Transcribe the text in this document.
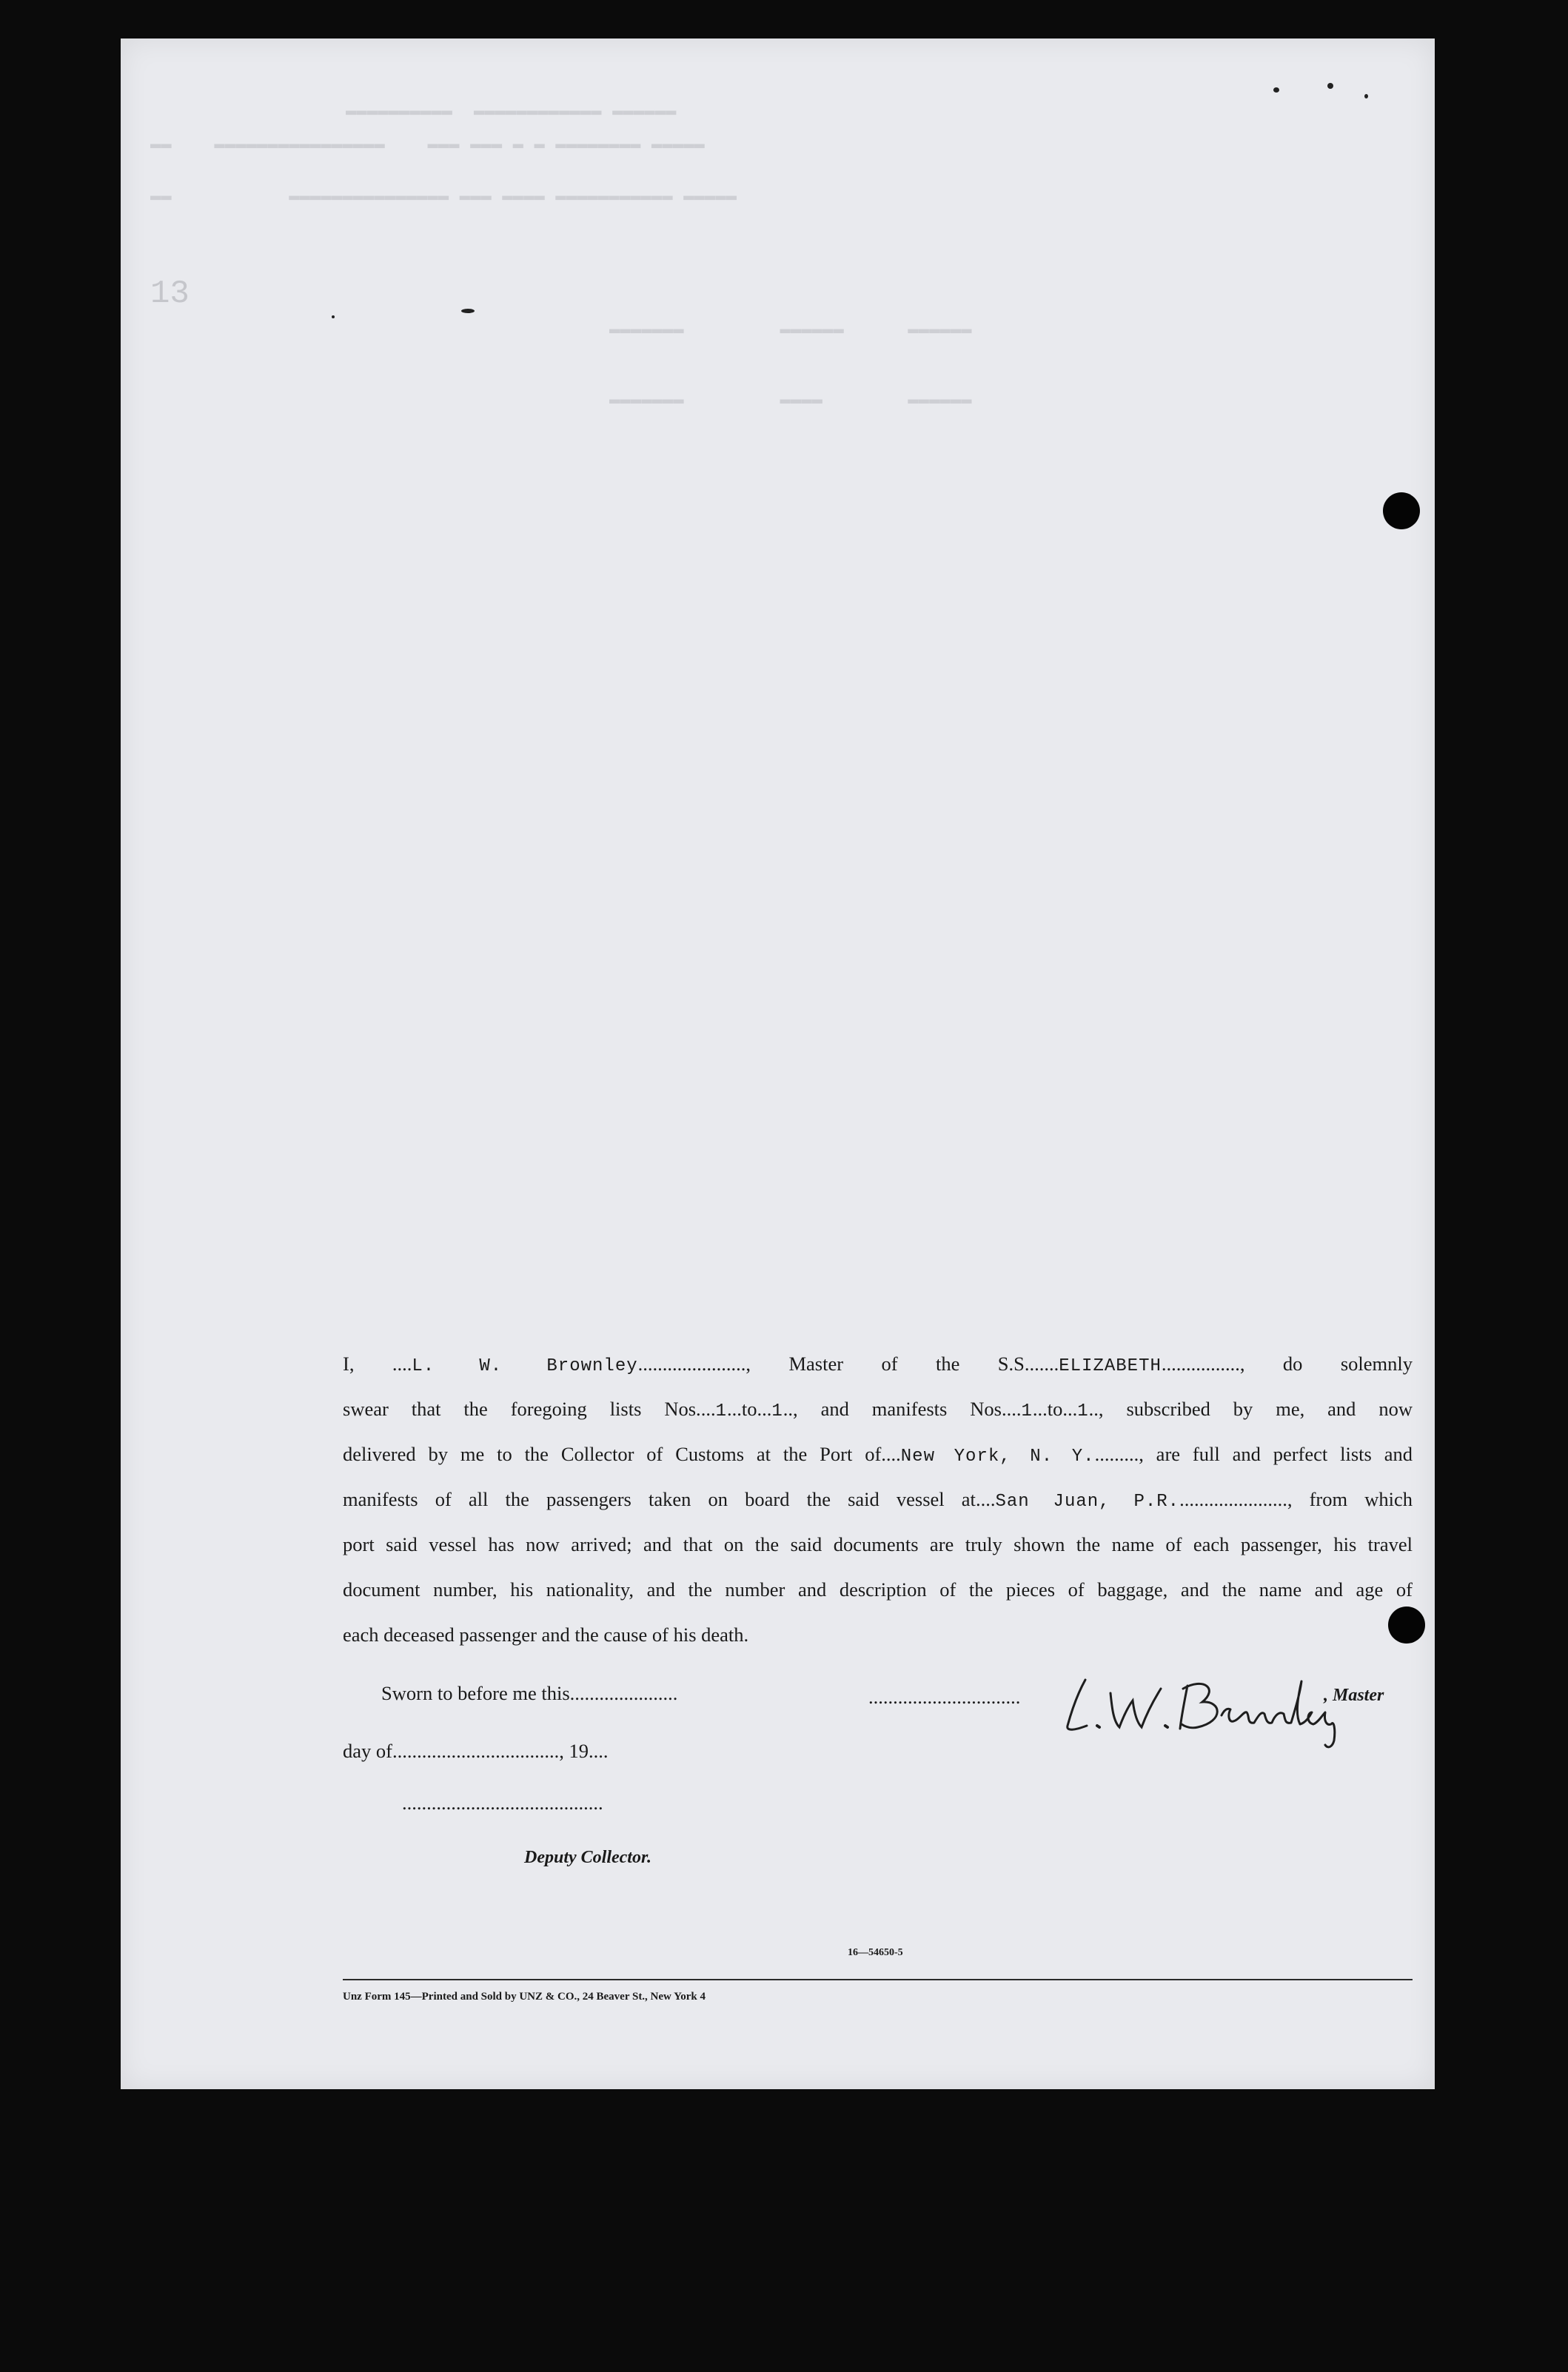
▬▬▬▬▬▬▬▬▬▬  ▬▬▬▬▬▬▬▬▬▬▬▬ ▬▬▬▬▬▬
▬▬    ▬▬▬▬▬▬▬▬▬▬▬▬▬▬▬▬    ▬▬▬ ▬▬▬ ▬ ▬ ▬▬▬▬▬▬▬▬ ▬▬▬▬▬
▬▬           ▬▬▬▬▬▬▬▬▬▬▬▬▬▬▬ ▬▬▬ ▬▬▬▬ ▬▬▬▬▬▬▬▬▬▬▬ ▬▬▬▬▬
13
▬▬▬▬▬▬▬         ▬▬▬▬▬▬      ▬▬▬▬▬▬
▬▬▬▬▬▬▬         ▬▬▬▬        ▬▬▬▬▬▬
I, ....L. W. Brownley......................, Master of the S.S.......ELIZABETH................, do solemnly
swear that the foregoing lists Nos....1...to...1.., and manifests Nos....1...to...1.., subscribed by me, and now
delivered by me to the Collector of Customs at the Port of....New York, N. Y.........., are full and perfect lists and
manifests of all the passengers taken on board the said vessel at....San Juan, P.R......................., from which
port said vessel has now arrived; and that on the said documents are truly shown the name of each passenger, his travel
document number, his nationality, and the number and description of the pieces of baggage, and the name and age of
each deceased passenger and the cause of his death.
Sworn to before me this......................
day of.................................., 19....
.........................................
Deputy Collector.
...............................	, Master
16—54650-5
Unz Form 145—Printed and Sold by UNZ & CO., 24 Beaver St., New York 4
